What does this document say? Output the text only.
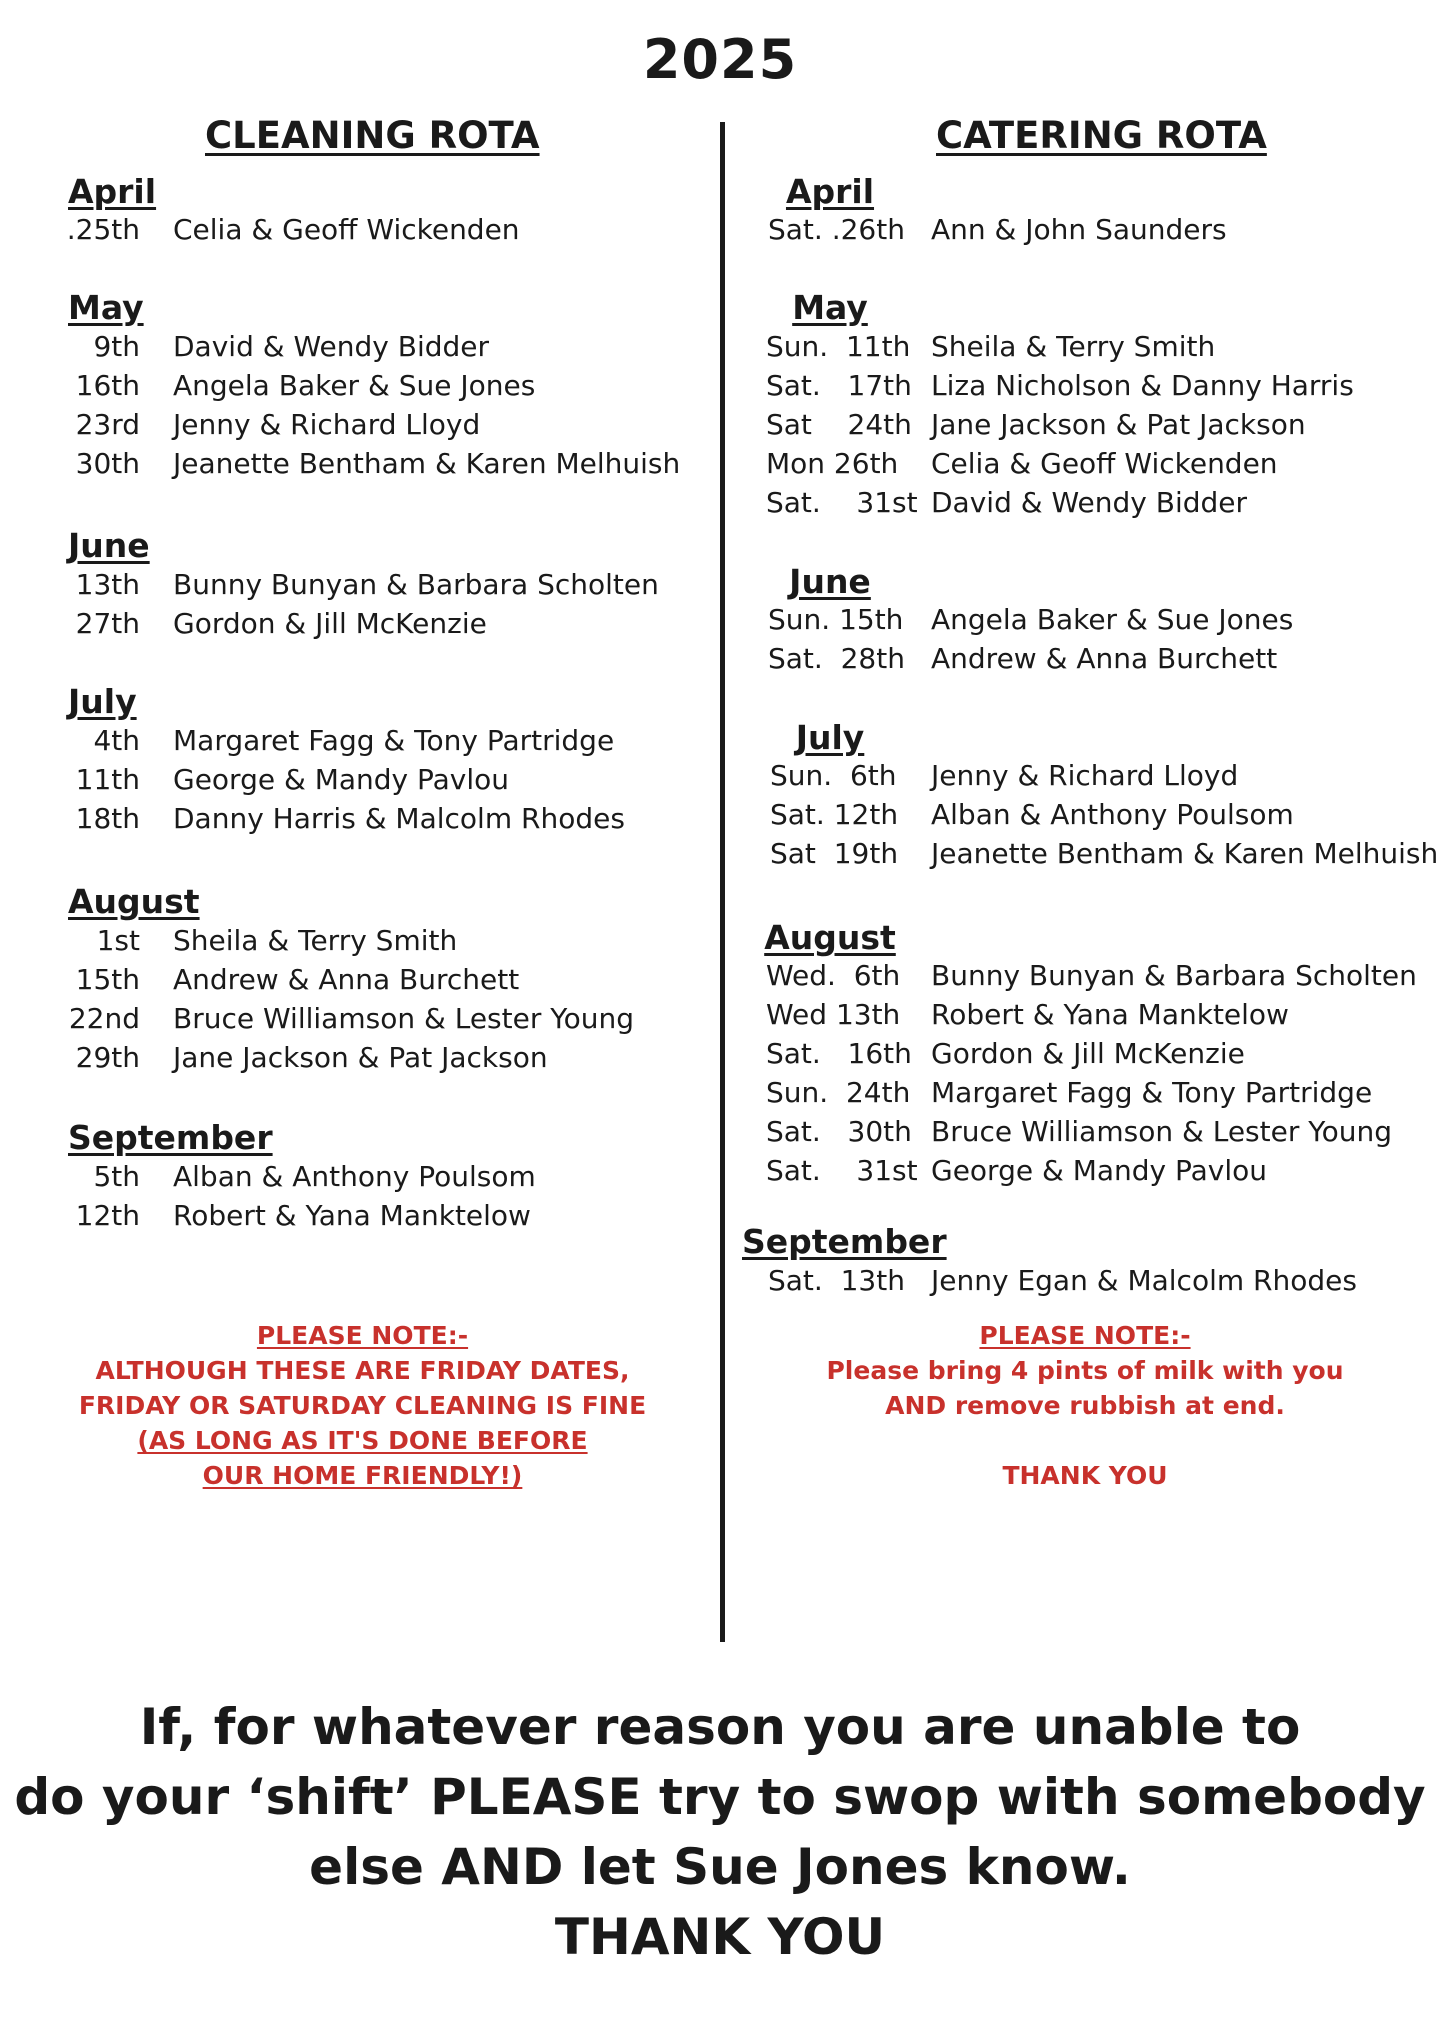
2025
CLEANING ROTA
April
.25th Celia & Geoff Wickenden
May
9th David & Wendy Bidder
16th Angela Baker & Sue Jones
23rd Jenny & Richard Lloyd
30th Jeanette Bentham & Karen Melhuish
June
13th Bunny Bunyan & Barbara Scholten
27th Gordon & Jill McKenzie
July
4th Margaret Fagg & Tony Partridge
11th George & Mandy Pavlou
18th Danny Harris & Malcolm Rhodes
August
1st Sheila & Terry Smith
15th Andrew & Anna Burchett
22nd Bruce Williamson & Lester Young
29th Jane Jackson & Pat Jackson
September
5th Alban & Anthony Poulsom
12th Robert & Yana Manktelow
PLEASE NOTE:-
ALTHOUGH THESE ARE FRIDAY DATES,
FRIDAY OR SATURDAY CLEANING IS FINE
(AS LONG AS IT'S DONE BEFORE
OUR HOME FRIENDLY!)
CATERING ROTA
April
Sat. .26th Ann & John Saunders
May
Sun.  11th Sheila & Terry Smith
Sat.   17th Liza Nicholson & Danny Harris
Sat    24th Jane Jackson & Pat Jackson
Mon 26th Celia & Geoff Wickenden
Sat.    31st David & Wendy Bidder
June
Sun. 15th Angela Baker & Sue Jones
Sat.  28th Andrew & Anna Burchett
July
Sun.  6th Jenny & Richard Lloyd
Sat. 12th Alban & Anthony Poulsom
Sat  19th Jeanette Bentham & Karen Melhuish
August
Wed.  6th Bunny Bunyan & Barbara Scholten
Wed 13th Robert & Yana Manktelow
Sat.   16th Gordon & Jill McKenzie
Sun.  24th Margaret Fagg & Tony Partridge
Sat.   30th Bruce Williamson & Lester Young
Sat.    31st George & Mandy Pavlou
September
Sat.  13th Jenny Egan & Malcolm Rhodes
PLEASE NOTE:-
Please bring 4 pints of milk with you
AND remove rubbish at end.
THANK YOU
If, for whatever reason you are unable to
do your ‘shift’ PLEASE try to swop with somebody
else AND let Sue Jones know.
THANK YOU
